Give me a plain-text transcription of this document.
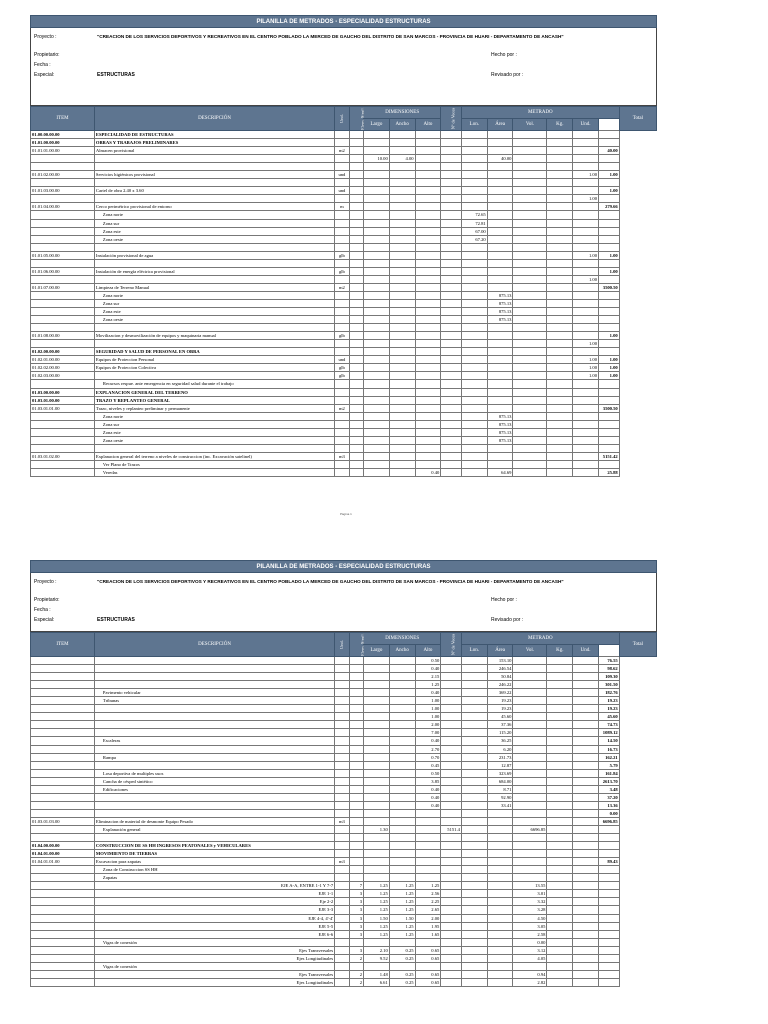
PILANILLA DE METRADOS - ESPECIALIDAD ESTRUCTURAS
Proyecto :	"CREACION DE LOS SERVICIOS DEPORTIVOS Y RECREATIVOS EN EL CENTRO POBLADO LA MERCED DE GAUCHO DEL DISTRITO DE SAN MARCOS - PROVINCIA DE HUARI - DEPARTAMENTO DE ANCASH"
Propietario:
Fecha :
Especial:	ESTRUCTURAS
Hecho por :
Revisado por :
ITEM	DESCRIPCIÓN	Und.	Elem. Simil.	DIMENSIONES			Nº de Veces	METRADO						Total
				Largo	Ancho	Alto		Lon.	Área	Vol.	Kg.	Und.		
01.00.00.00.00	ESPECIALIDAD DE ESTRUCTURAS													
01.01.00.00.00	OBRAS Y TRABAJOS PRELIMINARES													
01.01.01.00.00	Almacen provisional	m2											40.00	
				10.00	4.00				40.00					

01.01.02.00.00	Servicios higiénicos provisional	und										1.00	1.00	

01.01.03.00.00	Cartel de obra 2.40 x 3.60	und											1.00	
												1.00		
01.01.04.00.00	Cerco perimétrico provisional de entorno	m											279.66	
	Zona norte							72.65						
	Zona sur							72.81						
	Zona este							67.00						
	Zona oeste							67.20						

01.01.05.00.00	Instalación provisional de agua	glb										1.00	1.00	

01.01.06.00.00	Instalación de energía eléctrica provisional	glb											1.00	
												1.00		
01.01.07.00.00	Limpieza de Terreno Manual	m2											3500.50	
	Zona norte								875.13					
	Zona sur								875.13					
	Zona este								875.13					
	Zona oeste								875.13					

01.01.08.00.00	Movilizacion y desmovilización de equipos y maquinaria manual	glb											1.00	
												1.00		
01.02.00.00.00	SEGURIDAD Y SALUD DE PERSONAL EN OBRA													
01.02.01.00.00	Equipos de Proteccion Personal	und										1.00	1.00	
01.02.02.00.00	Equipos de Proteccion Colectiva	glb										1.00	1.00	
01.02.03.00.00		glb										1.00	1.00	
	Recursos respue. ante emergencia en seguridad salud durante el trabajo													
01.03.00.00.00	EXPLANACION GENERAL DEL TERRENO													
01.03.01.00.00	TRAZO Y REPLANTEO GENERAL													
01.03.01.01.00	Trazo, niveles y replanteo preliminar y permanente	m2											3500.50	
	Zona norte								875.13					
	Zona sur								875.13					
	Zona este								875.13					
	Zona oeste								875.13					

01.03.01.02.00	Explanacion general del terreno a niveles de construccion (inc. Excavación satelinel)	m3											5151.42	
	Ver Plano de Trazos													
	Veredas					0.40			64.69				25.88	
Página 1
PILANILLA DE METRADOS - ESPECIALIDAD ESTRUCTURAS
Proyecto :	"CREACION DE LOS SERVICIOS DEPORTIVOS Y RECREATIVOS EN EL CENTRO POBLADO LA MERCED DE GAUCHO DEL DISTRITO DE SAN MARCOS - PROVINCIA DE HUARI - DEPARTAMENTO DE ANCASH"
Propietario:
Fecha :
Especial:	ESTRUCTURAS
Hecho por :
Revisado por :
ITEM	DESCRIPCIÓN	Und.	Elem. Simil.	DIMENSIONES			Nº de Veces	METRADO						Total
				Largo	Ancho	Alto		Lon.	Área	Vol.	Kg.	Und.		
						0.50			153.10				76.55	
						0.40			246.54				98.62	
						2.15			50.84				109.30	
						1.25			246.22				301.50	
	Pavimento vehicular					0.40			369.22				182.76	
	Tribunas					1.00			19.23				19.23	
						1.00			19.23				19.23	
						1.00			45.60				45.60	
						2.00			37.36				74.73	
						7.00			115.20				1089.12	
	Escaleras					0.40			36.25				14.50	
						2.70			6.20				16.73	
	Rampa					0.70			231.73				162.21	
						0.45			12.87				5.79	
	Losa deportiva de multiples usos					0.50			323.69				161.84	
	Cancha de césped sintético					3.85			684.00				2613.70	
	Edificaciones					0.40			8.71				3.48	
						0.40			92.90				37.20	
						0.40			33.41				13.36	
													0.00	
01.03.01.03.00	Eliminacion de material de desmonte Equipo Pesado	m3											6696.85	
	Explanación general			1.30			5151.4			6696.85				

01.04.00.00.00	CONSTRUCCION DE SS HH INGRESOS PEATONALES y VEHICULARES													
01.04.01.00.00	MOVIMIENTO DE TIERRAS													
01.04.01.01.00	Excavacion para zapatas	m3											89.43	
	Zona de Construccion SS HH													
	Zapatas													
	EJE A-A, ENTRE 1-1 Y 7-7		7	1.25	1.25	1.25				13.55				
	EJE 1-1		3	1.25	1.25	2.56				3.01				
	Eje 2-2		3	1.25	1.25	2.25				3.32				
	EJE 3-3		3	1.25	1.25	2.65				3.28				
	EJE 4-4, 4'-4'		3	1.50	1.50	2.00				4.50				
	EJE 5-5		3	1.25	1.25	1.95				3.05				
	EJE 6-6		3	1.25	1.25	1.65				2.58				
	Vigas de conexión									0.00				
	Ejes Transversales		3	2.10	0.25	0.65				3.12				
	Ejes Longitudinales		2	9.52	0.25	0.65				4.05				
	Vigas de conexión													
	Ejes Transversales		2	1.48	0.25	0.65				0.94				
	Ejes Longitudinales		2	6.61	0.25	0.65				2.82				
